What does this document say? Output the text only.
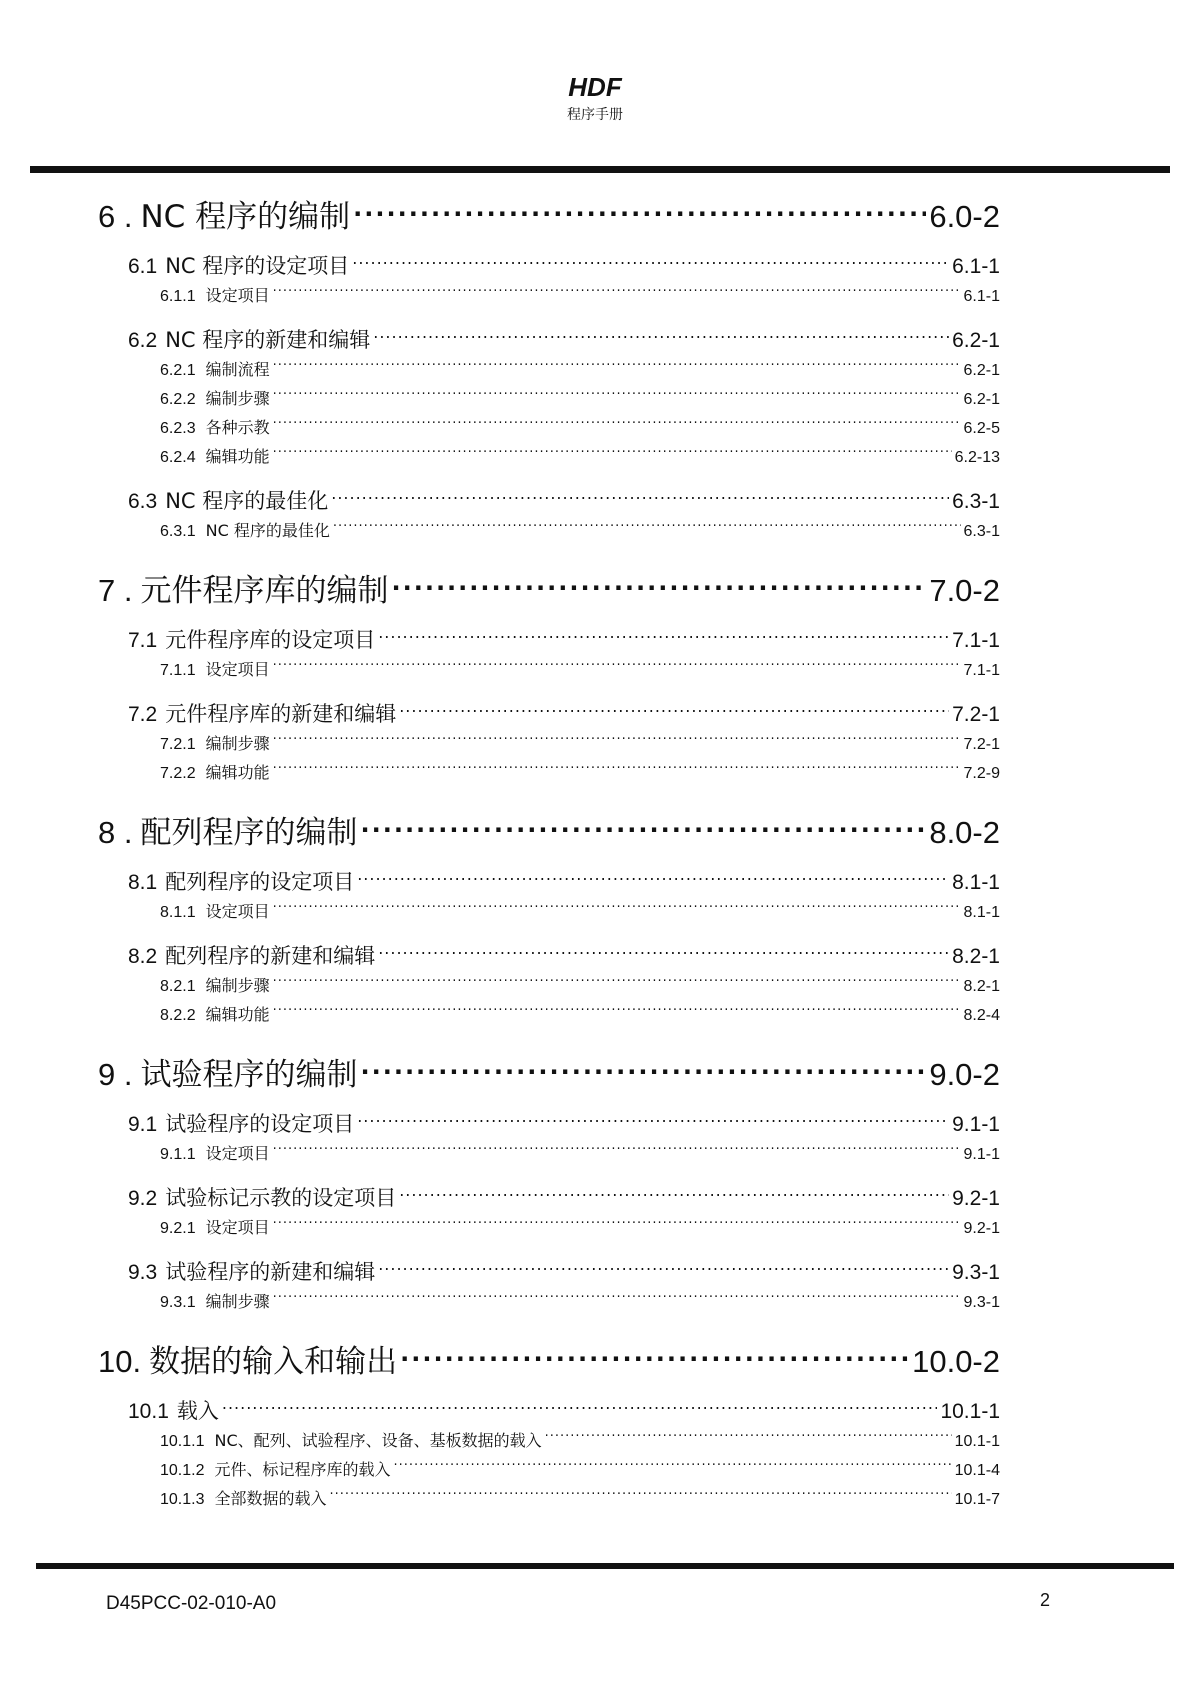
HDF
程序手册
6 . NC 程序的编制 .....	6.0-2
6.1 NC 程序的设定项目 .....	6.1-1
6.1.1 设定项目 .....	6.1-1
6.2 NC 程序的新建和编辑 .....	6.2-1
6.2.1 编制流程 .....	6.2-1
6.2.2 编制步骤 .....	6.2-1
6.2.3 各种示教 .....	6.2-5
6.2.4 编辑功能 .....	6.2-13
6.3 NC 程序的最佳化 .....	6.3-1
6.3.1 NC 程序的最佳化 .....	6.3-1
7 . 元件程序库的编制 .....	7.0-2
7.1 元件程序库的设定项目 .....	7.1-1
7.1.1 设定项目 .....	7.1-1
7.2 元件程序库的新建和编辑 .....	7.2-1
7.2.1 编制步骤 .....	7.2-1
7.2.2 编辑功能 .....	7.2-9
8 . 配列程序的编制 .....	8.0-2
8.1 配列程序的设定项目 .....	8.1-1
8.1.1 设定项目 .....	8.1-1
8.2 配列程序的新建和编辑 .....	8.2-1
8.2.1 编制步骤 .....	8.2-1
8.2.2 编辑功能 .....	8.2-4
9 . 试验程序的编制 .....	9.0-2
9.1 试验程序的设定项目 .....	9.1-1
9.1.1 设定项目 .....	9.1-1
9.2 试验标记示教的设定项目 .....	9.2-1
9.2.1 设定项目 .....	9.2-1
9.3 试验程序的新建和编辑 .....	9.3-1
9.3.1 编制步骤 .....	9.3-1
10. 数据的输入和输出 .....	10.0-2
10.1 载入 .....	10.1-1
10.1.1 NC、配列、试验程序、设备、基板数据的载入 .....	10.1-1
10.1.2 元件、标记程序库的载入 .....	10.1-4
10.1.3 全部数据的载入 .....	10.1-7
D45PCC-02-010-A0	2
